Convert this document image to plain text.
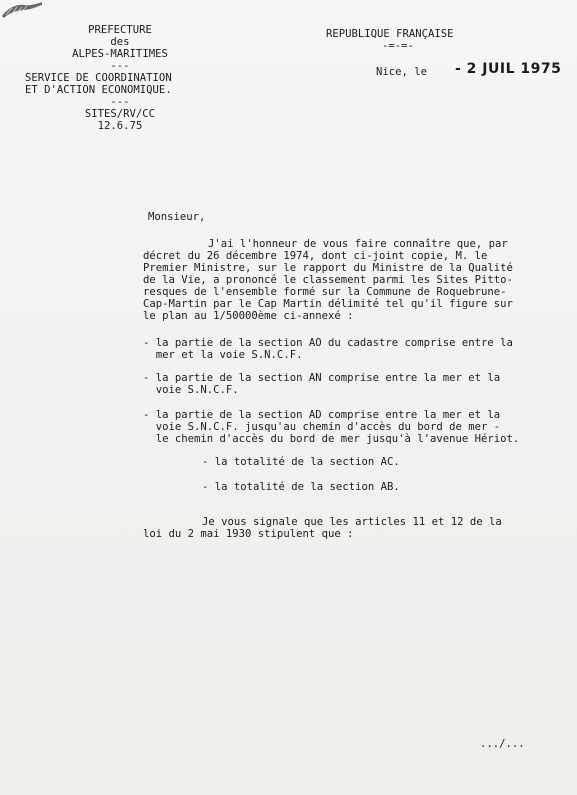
PREFECTURE
des
ALPES-MARITIMES
---
SERVICE DE COORDINATION
ET D'ACTION ECONOMIQUE.
---
SITES/RV/CC
12.6.75
REPUBLIQUE FRANÇAISE
-=-=-
Nice, le - 2 JUIL 1975
Monsieur,
J'ai l'honneur de vous faire connaître que, par
décret du 26 décembre 1974, dont ci-joint copie, M. le
Premier Ministre, sur le rapport du Ministre de la Qualité
de la Vie, a prononcé le classement parmi les Sites Pitto-
resques de l'ensemble formé sur la Commune de Roquebrune-
Cap-Martin par le Cap Martin délimité tel qu'il figure sur
le plan au 1/50000ème ci-annexé :
- la partie de la section AO du cadastre comprise entre la
mer et la voie S.N.C.F.
- la partie de la section AN comprise entre la mer et la
voie S.N.C.F.
- la partie de la section AD comprise entre la mer et la
voie S.N.C.F. jusqu'au chemin d'accès du bord de mer -
le chemin d'accès du bord de mer jusqu'à l'avenue Hériot.
- la totalité de la section AC.
- la totalité de la section AB.
Je vous signale que les articles 11 et 12 de la
loi du 2 mai 1930 stipulent que :
.../...
